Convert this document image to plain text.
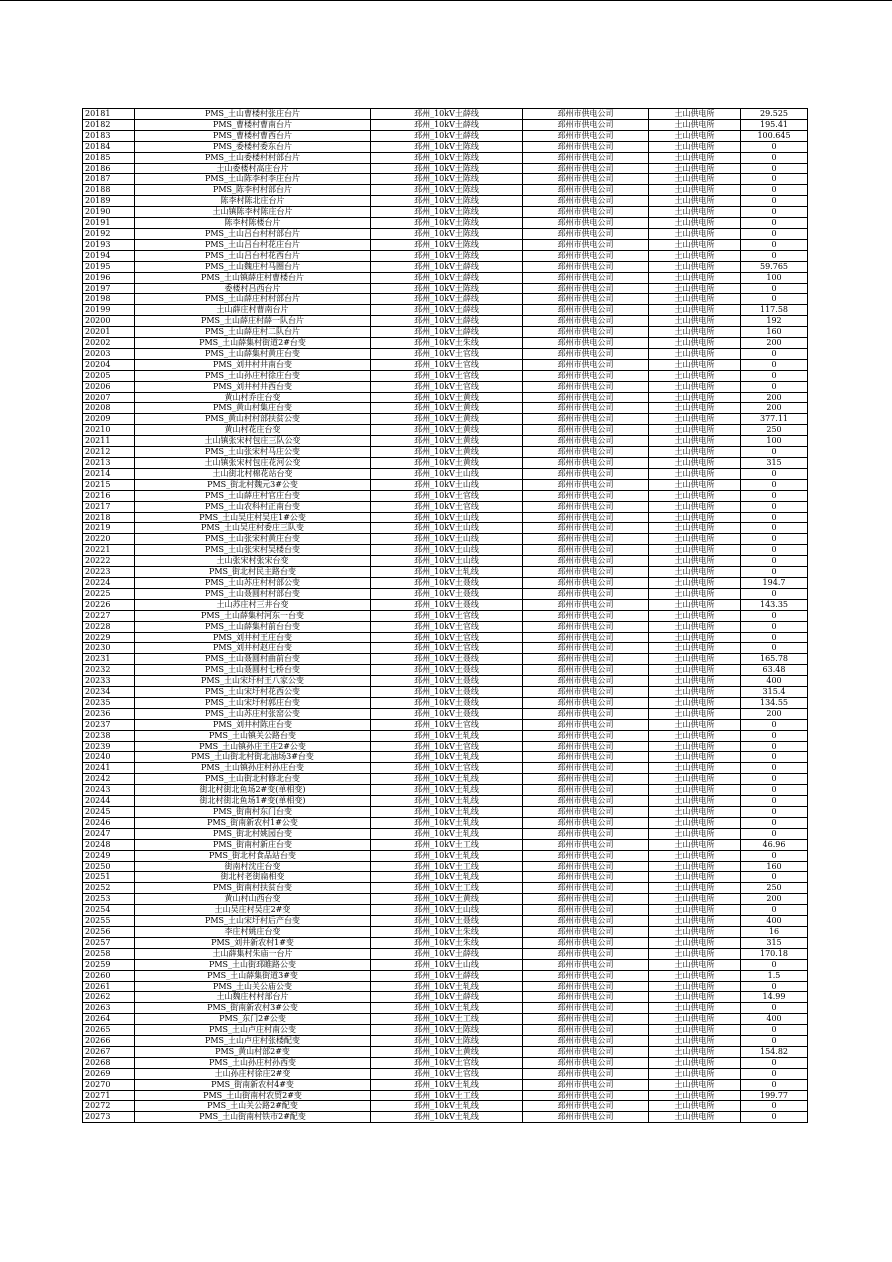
20181	PMS_土山曹楼村张庄台片	邳州_10kV土薛线	邳州市供电公司	土山供电所	29.525
20182	PMS_曹楼村曹南台片	邳州_10kV土薛线	邳州市供电公司	土山供电所	195.41
20183	PMS_曹楼村曹西台片	邳州_10kV土薛线	邳州市供电公司	土山供电所	100.645
20184	PMS_委楼村委东台片	邳州_10kV土陈线	邳州市供电公司	土山供电所	0
20185	PMS_土山委楼村村部台片	邳州_10kV土陈线	邳州市供电公司	土山供电所	0
20186	土山委楼村高庄台片	邳州_10kV土陈线	邳州市供电公司	土山供电所	0
20187	PMS_土山陈李村李庄台片	邳州_10kV土陈线	邳州市供电公司	土山供电所	0
20188	PMS_陈李村村部台片	邳州_10kV土陈线	邳州市供电公司	土山供电所	0
20189	陈李村陈北庄台片	邳州_10kV土陈线	邳州市供电公司	土山供电所	0
20190	土山镇陈李村陈庄台片	邳州_10kV土陈线	邳州市供电公司	土山供电所	0
20191	陈李村陈楼台片	邳州_10kV土陈线	邳州市供电公司	土山供电所	0
20192	PMS_土山吕台村村部台片	邳州_10kV土陈线	邳州市供电公司	土山供电所	0
20193	PMS_土山吕台村花庄台片	邳州_10kV土陈线	邳州市供电公司	土山供电所	0
20194	PMS_土山吕台村花西台片	邳州_10kV土陈线	邳州市供电公司	土山供电所	0
20195	PMS_土山魏庄村马圈台片	邳州_10kV土薛线	邳州市供电公司	土山供电所	59.765
20196	PMS_土山镇薛庄村曹楼台片	邳州_10kV土薛线	邳州市供电公司	土山供电所	100
20197	委楼村吕西台片	邳州_10kV土陈线	邳州市供电公司	土山供电所	0
20198	PMS_土山薛庄村村部台片	邳州_10kV土薛线	邳州市供电公司	土山供电所	0
20199	土山薛庄村曹南台片	邳州_10kV土薛线	邳州市供电公司	土山供电所	117.58
20200	PMS_土山薛庄村薛一队台片	邳州_10kV土薛线	邳州市供电公司	土山供电所	192
20201	PMS_土山薛庄村二队台片	邳州_10kV土薛线	邳州市供电公司	土山供电所	160
20202	PMS_土山薛集村街道2#台变	邳州_10kV土朱线	邳州市供电公司	土山供电所	200
20203	PMS_土山薛集村黄庄台变	邳州_10kV土官线	邳州市供电公司	土山供电所	0
20204	PMS_刘井村井南台变	邳州_10kV土官线	邳州市供电公司	土山供电所	0
20205	PMS_土山孙庄村徐庄台变	邳州_10kV土官线	邳州市供电公司	土山供电所	0
20206	PMS_刘井村井西台变	邳州_10kV土官线	邳州市供电公司	土山供电所	0
20207	黄山村乔庄台变	邳州_10kV土黄线	邳州市供电公司	土山供电所	200
20208	PMS_黄山村集庄台变	邳州_10kV土黄线	邳州市供电公司	土山供电所	200
20209	PMS_黄山村村部扶贫公变	邳州_10kV土黄线	邳州市供电公司	土山供电所	377.11
20210	黄山村花庄台变	邳州_10kV土黄线	邳州市供电公司	土山供电所	250
20211	土山镇张宋村包庄三队公变	邳州_10kV土黄线	邳州市供电公司	土山供电所	100
20212	PMS_土山张宋村马庄公变	邳州_10kV土黄线	邳州市供电公司	土山供电所	0
20213	土山镇张宋村包庄花河公变	邳州_10kV土黄线	邳州市供电公司	土山供电所	315
20214	土山街北村棉花站台变	邳州_10kV土山线	邳州市供电公司	土山供电所	0
20215	PMS_街北村魏元3#公变	邳州_10kV土山线	邳州市供电公司	土山供电所	0
20216	PMS_土山薛庄村官庄台变	邳州_10kV土官线	邳州市供电公司	土山供电所	0
20217	PMS_土山农科村正南台变	邳州_10kV土官线	邳州市供电公司	土山供电所	0
20218	PMS_土山吴庄村吴庄1#公变	邳州_10kV土山线	邳州市供电公司	土山供电所	0
20219	PMS_土山吴庄村委庄三队变	邳州_10kV土山线	邳州市供电公司	土山供电所	0
20220	PMS_土山张宋村黄庄台变	邳州_10kV土山线	邳州市供电公司	土山供电所	0
20221	PMS_土山张宋村吴楼台变	邳州_10kV土山线	邳州市供电公司	土山供电所	0
20222	土山张宋村张宋台变	邳州_10kV土山线	邳州市供电公司	土山供电所	0
20223	PMS_街北村民主路台变	邳州_10kV土轧线	邳州市供电公司	土山供电所	0
20224	PMS_土山苏庄村村部公变	邳州_10kV土聂线	邳州市供电公司	土山供电所	194.7
20225	PMS_土山聂圆村村部台变	邳州_10kV土聂线	邳州市供电公司	土山供电所	0
20226	土山苏庄村三井台变	邳州_10kV土聂线	邳州市供电公司	土山供电所	143.35
20227	PMS_土山薛集村河东一台变	邳州_10kV土官线	邳州市供电公司	土山供电所	0
20228	PMS_土山薛集村前台台变	邳州_10kV土官线	邳州市供电公司	土山供电所	0
20229	PMS_刘井村王庄台变	邳州_10kV土官线	邳州市供电公司	土山供电所	0
20230	PMS_刘井村赵庄台变	邳州_10kV土官线	邳州市供电公司	土山供电所	0
20231	PMS_土山聂圆村曲前台变	邳州_10kV土聂线	邳州市供电公司	土山供电所	165.78
20232	PMS_土山聂圆村七桥台变	邳州_10kV土聂线	邳州市供电公司	土山供电所	63.48
20233	PMS_土山宋圩村王八家公变	邳州_10kV土聂线	邳州市供电公司	土山供电所	400
20234	PMS_土山宋圩村花西公变	邳州_10kV土聂线	邳州市供电公司	土山供电所	315.4
20235	PMS_土山宋圩村郭庄台变	邳州_10kV土聂线	邳州市供电公司	土山供电所	134.55
20236	PMS_土山苏庄村张窑公变	邳州_10kV土聂线	邳州市供电公司	土山供电所	200
20237	PMS_刘井村陈庄台变	邳州_10kV土官线	邳州市供电公司	土山供电所	0
20238	PMS_土山镇关公路台变	邳州_10kV土轧线	邳州市供电公司	土山供电所	0
20239	PMS_土山镇孙庄王庄2#公变	邳州_10kV土官线	邳州市供电公司	土山供电所	0
20240	PMS_土山街北村街北油场3#台变	邳州_10kV土轧线	邳州市供电公司	土山供电所	0
20241	PMS_土山镇孙庄村孙庄台变	邳州_10kV土官线	邳州市供电公司	土山供电所	0
20242	PMS_土山街北村修北台变	邳州_10kV土轧线	邳州市供电公司	土山供电所	0
20243	街北村街北鱼场2#变(单相变)	邳州_10kV土轧线	邳州市供电公司	土山供电所	0
20244	街北村街北鱼场1#变(单相变)	邳州_10kV土轧线	邳州市供电公司	土山供电所	0
20245	PMS_街南村东门台变	邳州_10kV土轧线	邳州市供电公司	土山供电所	0
20246	PMS_街南新农村1#公变	邳州_10kV土轧线	邳州市供电公司	土山供电所	0
20247	PMS_街北村姚园台变	邳州_10kV土轧线	邳州市供电公司	土山供电所	0
20248	PMS_街南村新庄台变	邳州_10kV土工线	邳州市供电公司	土山供电所	46.96
20249	PMS_街北村食品站台变	邳州_10kV土轧线	邳州市供电公司	土山供电所	0
20250	街南村沈庄台变	邳州_10kV土工线	邳州市供电公司	土山供电所	160
20251	街北村老街扁相变	邳州_10kV土轧线	邳州市供电公司	土山供电所	0
20252	PMS_街南村扶贫台变	邳州_10kV土工线	邳州市供电公司	土山供电所	250
20253	黄山村山西台变	邳州_10kV土黄线	邳州市供电公司	土山供电所	200
20254	土山吴庄村吴庄2#变	邳州_10kV土山线	邳州市供电公司	土山供电所	0
20255	PMS_土山宋圩村后产台变	邳州_10kV土聂线	邳州市供电公司	土山供电所	400
20256	李庄村姚庄台变	邳州_10kV土朱线	邳州市供电公司	土山供电所	16
20257	PMS_刘井新农村1#变	邳州_10kV土朱线	邳州市供电公司	土山供电所	315
20258	土山薛集村朱庙一台片	邳州_10kV土薛线	邳州市供电公司	土山供电所	170.18
20259	PMS_土山街邳睢路公变	邳州_10kV土山线	邳州市供电公司	土山供电所	0
20260	PMS_土山薛集街道3#变	邳州_10kV土薛线	邳州市供电公司	土山供电所	1.5
20261	PMS_土山关公庙公变	邳州_10kV土轧线	邳州市供电公司	土山供电所	0
20262	土山魏庄村村部台片	邳州_10kV土薛线	邳州市供电公司	土山供电所	14.99
20263	PMS_街南新农村3#公变	邳州_10kV土轧线	邳州市供电公司	土山供电所	0
20264	PMS_东门2#公变	邳州_10kV土工线	邳州市供电公司	土山供电所	400
20265	PMS_土山卢庄村南公变	邳州_10kV土陈线	邳州市供电公司	土山供电所	0
20266	PMS_土山卢庄村张楼配变	邳州_10kV土陈线	邳州市供电公司	土山供电所	0
20267	PMS_黄山村部2#变	邳州_10kV土黄线	邳州市供电公司	土山供电所	154.82
20268	PMS_土山孙庄村孙西变	邳州_10kV土官线	邳州市供电公司	土山供电所	0
20269	土山孙庄村徐庄2#变	邳州_10kV土官线	邳州市供电公司	土山供电所	0
20270	PMS_街南新农村4#变	邳州_10kV土轧线	邳州市供电公司	土山供电所	0
20271	PMS_土山街南村农贸2#变	邳州_10kV土工线	邳州市供电公司	土山供电所	199.77
20272	PMS_土山关公路2#配变	邳州_10kV土轧线	邳州市供电公司	土山供电所	0
20273	PMS_土山街南村铁市2#配变	邳州_10kV土轧线	邳州市供电公司	土山供电所	0
